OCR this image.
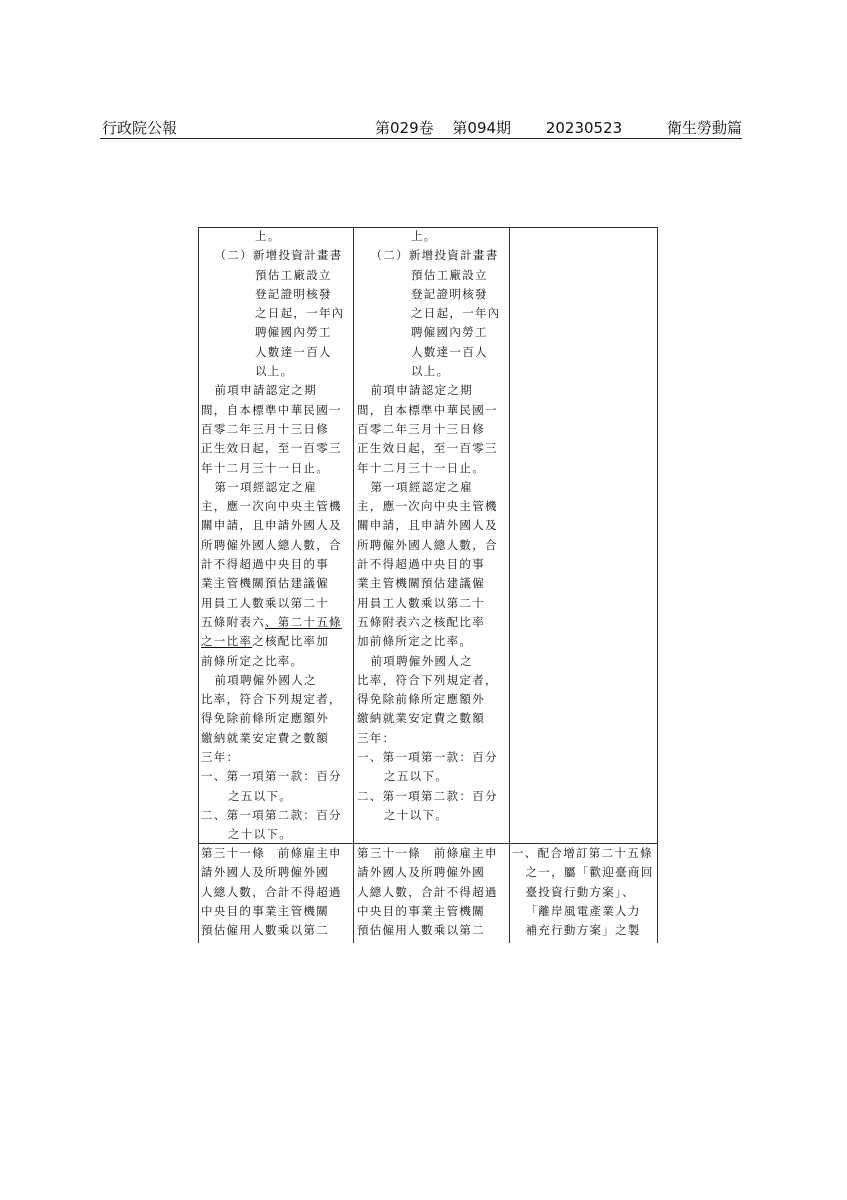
行政院公報	第029卷 第094期 20230523	衛生勞動篇
上。
（二）新增投資計畫書
預估工廠設立
登記證明核發
之日起，一年內
聘僱國內勞工
人數達一百人
以上。
前項申請認定之期
間，自本標準中華民國一
百零二年三月十三日修
正生效日起，至一百零三
年十二月三十一日止。
第一項經認定之雇
主，應一次向中央主管機
關申請，且申請外國人及
所聘僱外國人總人數，合
計不得超過中央目的事
業主管機關預估建議僱
用員工人數乘以第二十
五條附表六、第二十五條
之一比率之核配比率加
前條所定之比率。
前項聘僱外國人之
比率，符合下列規定者，
得免除前條所定應額外
繳納就業安定費之數額
三年：
一、第一項第一款：百分
之五以下。
二、第一項第二款：百分
之十以下。
上。
（二）新增投資計畫書
預估工廠設立
登記證明核發
之日起，一年內
聘僱國內勞工
人數達一百人
以上。
前項申請認定之期
間，自本標準中華民國一
百零二年三月十三日修
正生效日起，至一百零三
年十二月三十一日止。
第一項經認定之雇
主，應一次向中央主管機
關申請，且申請外國人及
所聘僱外國人總人數，合
計不得超過中央目的事
業主管機關預估建議僱
用員工人數乘以第二十
五條附表六之核配比率
加前條所定之比率。
前項聘僱外國人之
比率，符合下列規定者，
得免除前條所定應額外
繳納就業安定費之數額
三年：
一、第一項第一款：百分
之五以下。
二、第一項第二款：百分
之十以下。
第三十一條　前條雇主申
請外國人及所聘僱外國
人總人數，合計不得超過
中央目的事業主管機關
預估僱用人數乘以第二
第三十一條　前條雇主申
請外國人及所聘僱外國
人總人數，合計不得超過
中央目的事業主管機關
預估僱用人數乘以第二
一、配合增訂第二十五條
之一，屬「歡迎臺商回
臺投資行動方案」、
「離岸風電產業人力
補充行動方案」之製
